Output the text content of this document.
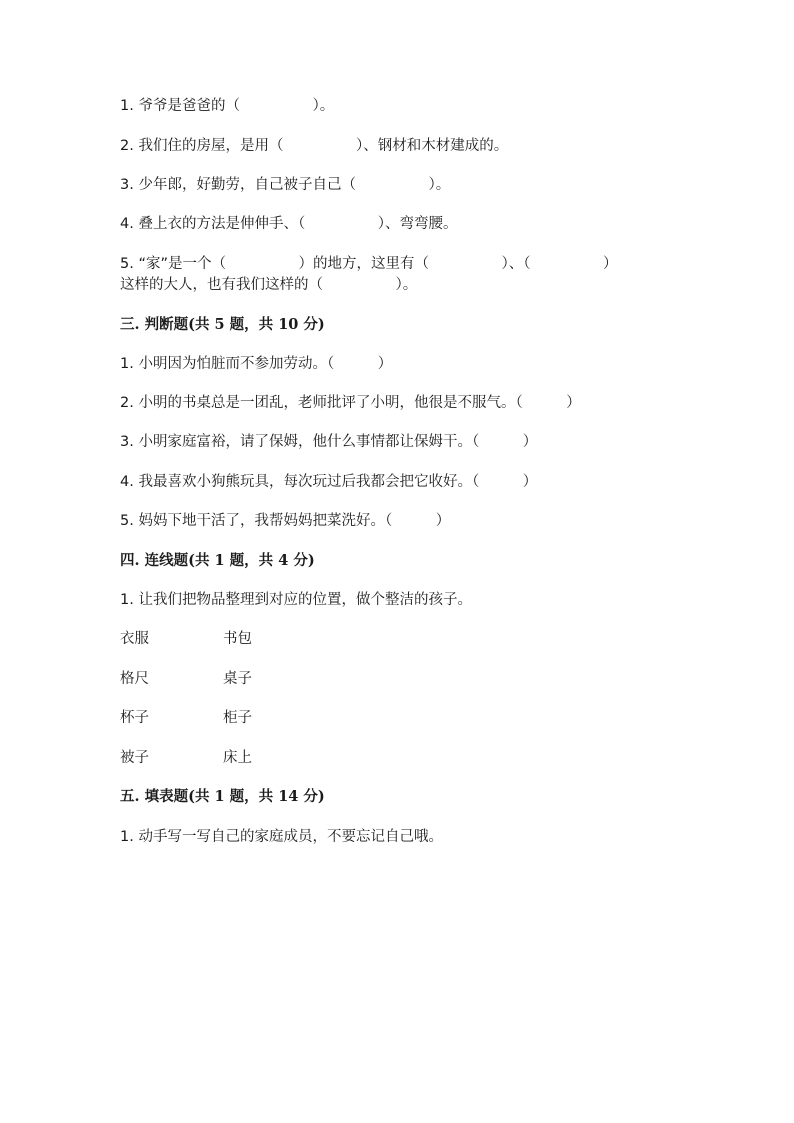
1. 爷爷是爸爸的（　　　　　）。

2. 我们住的房屋，是用（　　　　　）、钢材和木材建成的。

3. 少年郎，好勤劳，自己被子自己（　　　　　）。

4. 叠上衣的方法是伸伸手、（　　　　　）、弯弯腰。

5. “家”是一个（　　　　　）的地方，这里有（　　　　　）、（　　　　　）

这样的大人，也有我们这样的（　　　　　）。

三. 判断题(共 5 题，共 10 分)

1. 小明因为怕脏而不参加劳动。（　　　）

2. 小明的书桌总是一团乱，老师批评了小明，他很是不服气。（　　　）

3. 小明家庭富裕，请了保姆，他什么事情都让保姆干。（　　　）

4. 我最喜欢小狗熊玩具，每次玩过后我都会把它收好。（　　　）

5. 妈妈下地干活了，我帮妈妈把菜洗好。（　　　）

四. 连线题(共 1 题，共 4 分)

1. 让我们把物品整理到对应的位置，做个整洁的孩子。

衣服	书包

格尺	桌子

杯子	柜子

被子	床上

五. 填表题(共 1 题，共 14 分)

1. 动手写一写自己的家庭成员，不要忘记自己哦。
